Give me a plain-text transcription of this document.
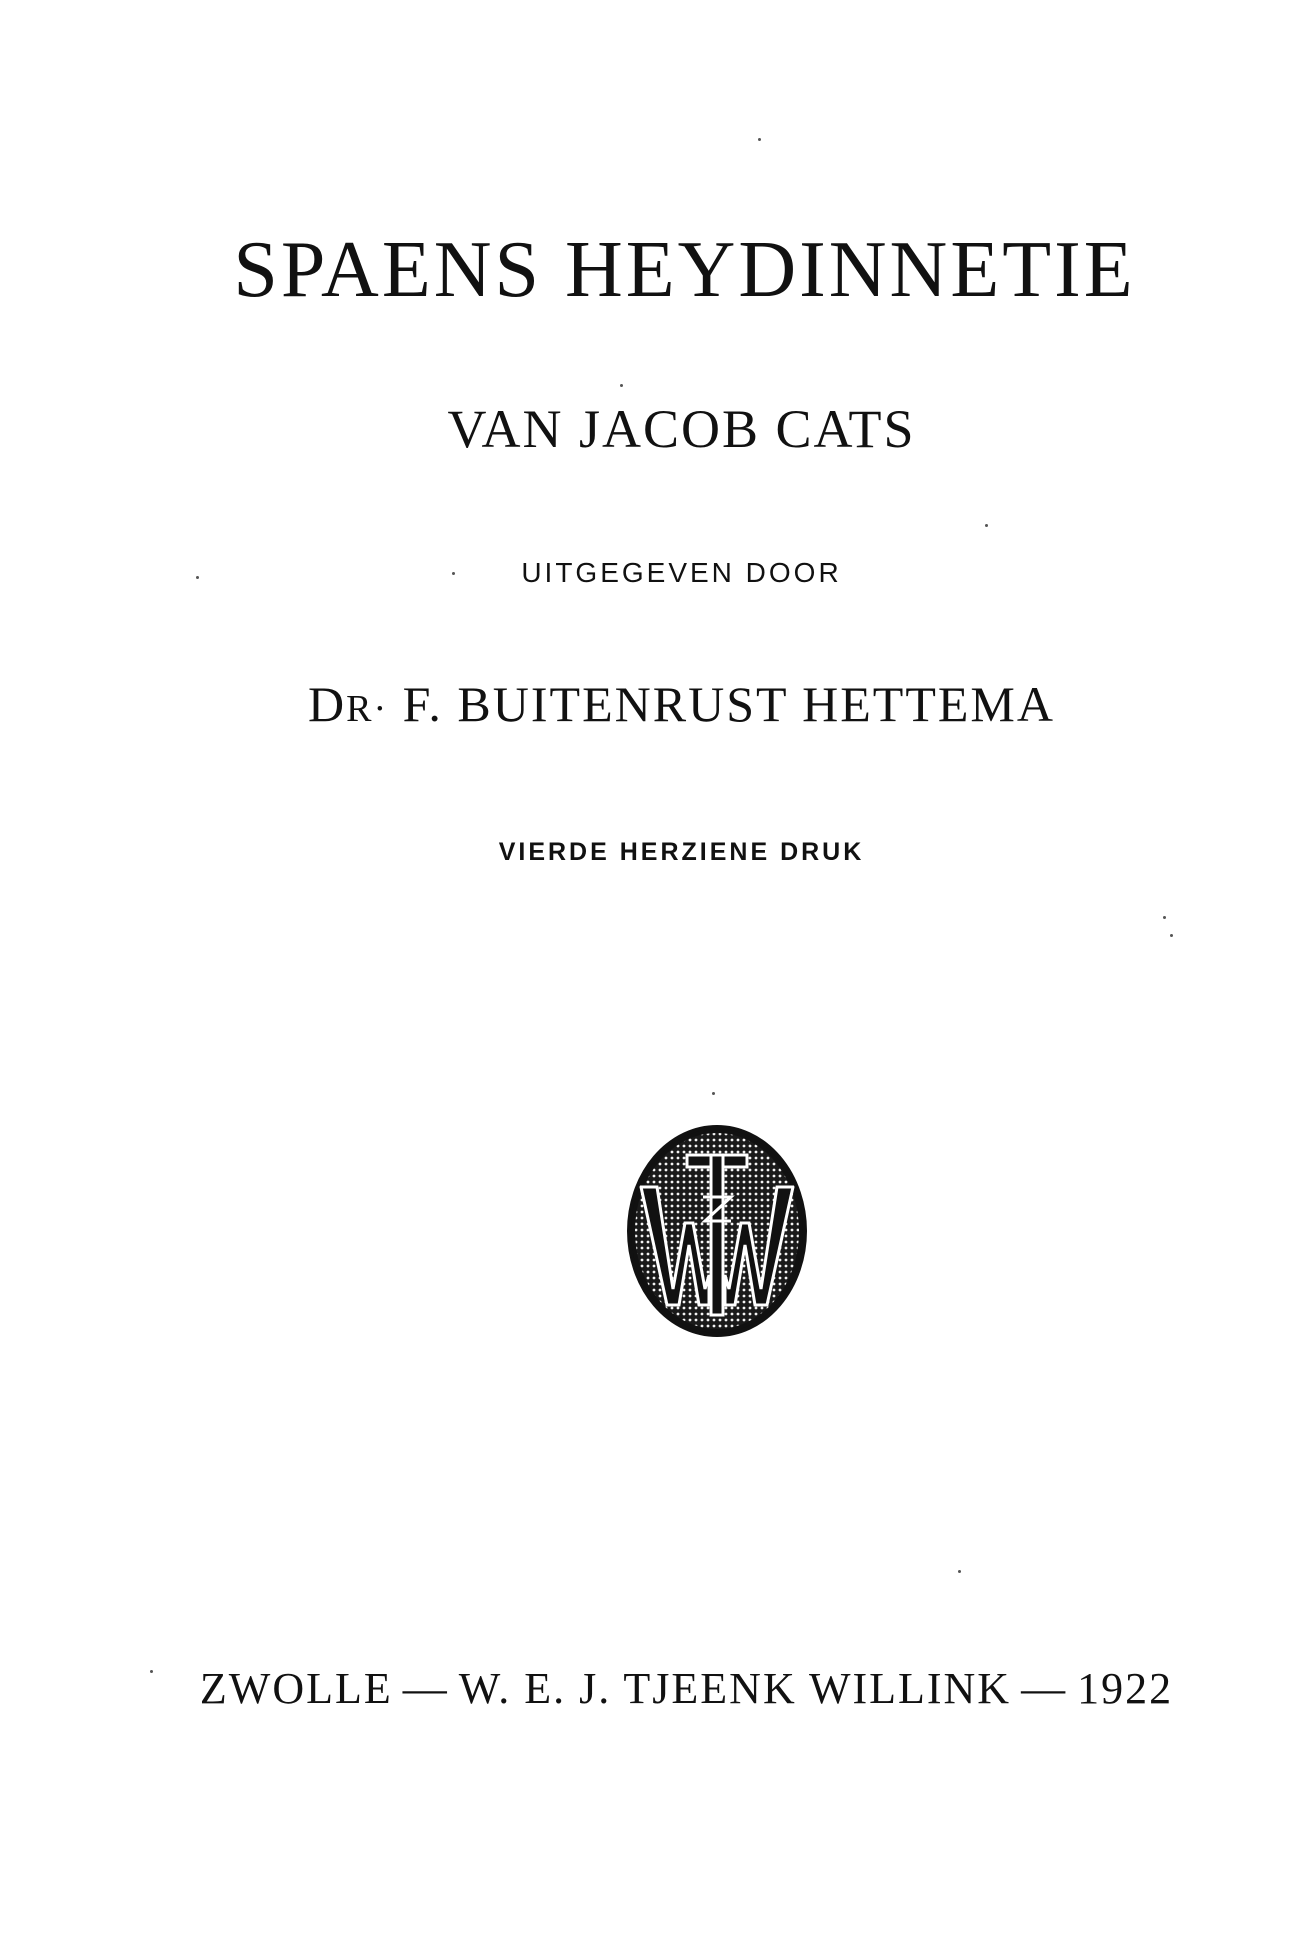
SPAENS HEYDINNETIE
VAN JACOB CATS
UITGEGEVEN DOOR
DR· F. BUITENRUST HETTEMA
VIERDE HERZIENE DRUK
ZWOLLE — W. E. J. TJEENK WILLINK — 1922
